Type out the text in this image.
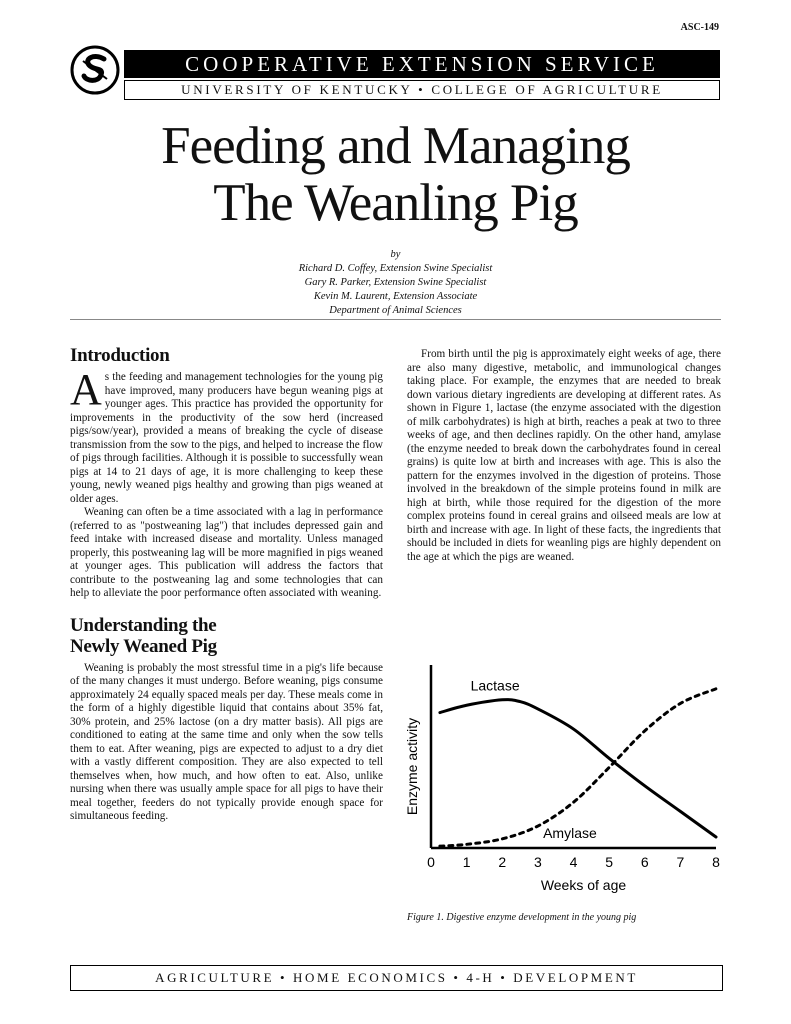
ASC-149
COOPERATIVE EXTENSION SERVICE
UNIVERSITY OF KENTUCKY • COLLEGE OF AGRICULTURE
Feeding and Managing
The Weanling Pig
by
Richard D. Coffey, Extension Swine Specialist
Gary R. Parker, Extension Swine Specialist
Kevin M. Laurent, Extension Associate
Department of Animal Sciences
Introduction

As the feeding and management technologies for the young pig have improved, many producers have begun weaning pigs at younger ages. This practice has provided the opportunity for improvements in the productivity of the sow herd (increased pigs/sow/year), provided a means of breaking the cycle of disease transmission from the sow to the pigs, and helped to increase the flow of pigs through facilities. Although it is possible to successfully wean pigs at 14 to 21 days of age, it is more challenging to keep these young, newly weaned pigs healthy and growing than pigs weaned at older ages.

Weaning can often be a time associated with a lag in performance (referred to as "postweaning lag") that includes depressed gain and feed intake with increased disease and mortality. Unless managed properly, this postweaning lag will be more magnified in pigs weaned at younger ages. This publication will address the factors that contribute to the postweaning lag and some technologies that can help to alleviate the poor performance often associated with weaning.

Understanding the
Newly Weaned Pig

Weaning is probably the most stressful time in a pig's life because of the many changes it must undergo. Before weaning, pigs consume approximately 24 equally spaced meals per day. These meals come in the form of a highly digestible liquid that contains about 35% fat, 30% protein, and 25% lactose (on a dry matter basis). All pigs are conditioned to eating at the same time and only when the sow tells them to eat. After weaning, pigs are expected to adjust to a dry diet with a vastly different composition. They are also expected to tell themselves when, how much, and how often to eat. Also, unlike nursing when there was usually ample space for all pigs to have their meal together, feeders do not typically provide enough space for simultaneous feeding.

From birth until the pig is approximately eight weeks of age, there are also many digestive, metabolic, and immunological changes taking place. For example, the enzymes that are needed to break down various dietary ingredients are developing at different rates. As shown in Figure 1, lactase (the enzyme associated with the digestion of milk carbohydrates) is high at birth, reaches a peak at two to three weeks of age, and then declines rapidly. On the other hand, amylase (the enzyme needed to break down the carbohydrates found in cereal grains) is quite low at birth and increases with age. This is also the pattern for the enzymes involved in the digestion of proteins. Those involved in the breakdown of the simple proteins found in milk are high at birth, while those required for the digestion of the more complex proteins found in cereal grains and oilseed meals are low at birth and increase with age. In light of these facts, the ingredients that should be included in diets for weanling pigs are highly dependent on the age at which the pigs are weaned.

0 1 2 3 4 5 6 7 8
Weeks of age
Enzyme activity
Lactase
Amylase
Figure 1. Digestive enzyme development in the young pig
AGRICULTURE • HOME ECONOMICS • 4-H • DEVELOPMENT
